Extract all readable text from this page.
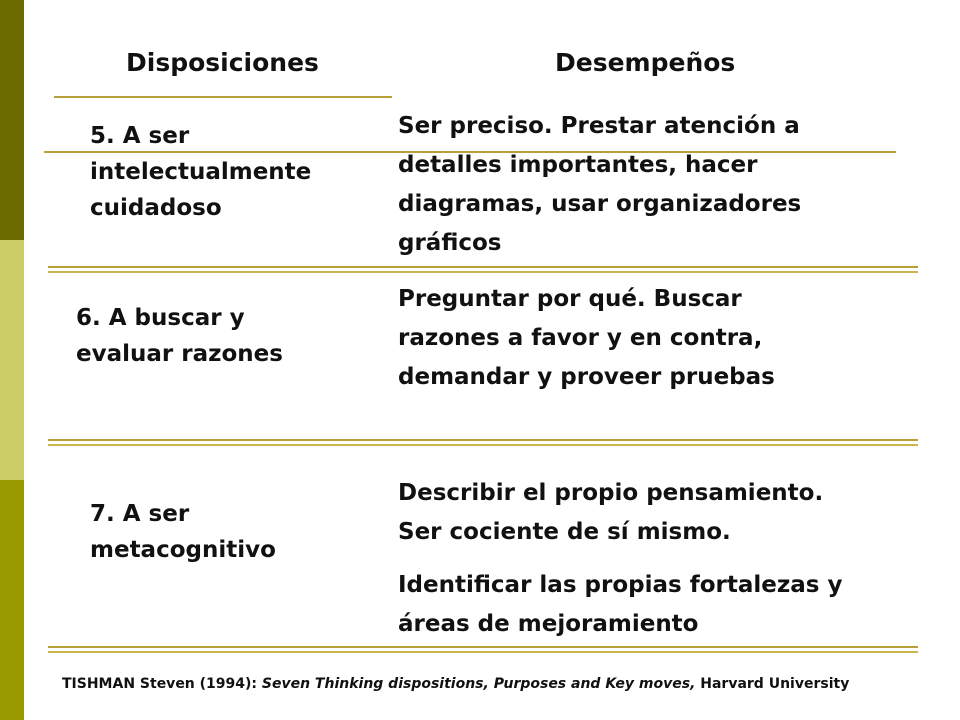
Disposiciones	Desempeños
5. A ser
intelectualmente
cuidadoso
Ser preciso. Prestar atención a
detalles importantes, hacer
diagramas, usar organizadores
gráficos
6. A buscar y
evaluar razones
Preguntar por qué. Buscar
razones a favor y en contra,
demandar y proveer pruebas
7. A ser
metacognitivo
Describir el propio pensamiento.
Ser cociente de sí mismo.
Identificar las propias fortalezas y
áreas de mejoramiento
TISHMAN Steven (1994): Seven Thinking dispositions, Purposes and Key moves, Harvard University
